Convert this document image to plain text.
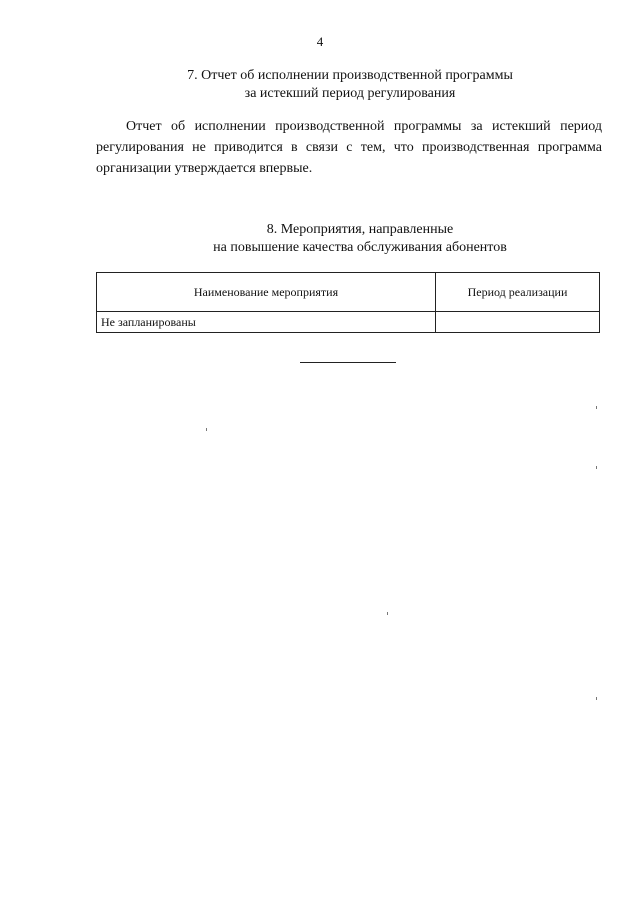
4
7. Отчет об исполнении производственной программы
за истекший период регулирования
Отчет об исполнении производственной программы за истекший период
регулирования не приводится в связи с тем, что производственная программа организации утверждается впервые.
8. Мероприятия, направленные
на повышение качества обслуживания абонентов
Наименование мероприятия	Период реализации
Не запланированы	
